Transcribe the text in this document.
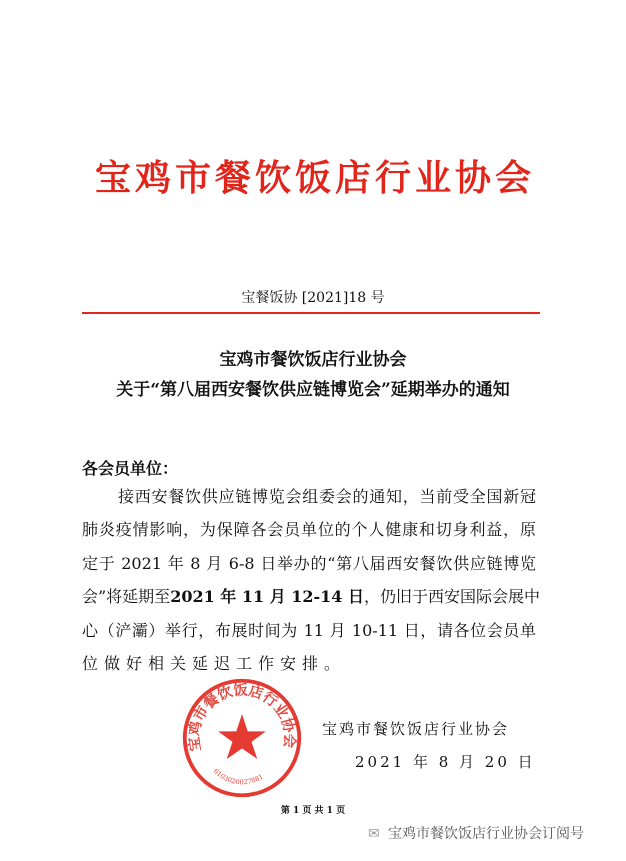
宝鸡市餐饮饭店行业协会
宝餐饭协 [2021]18 号
宝鸡市餐饮饭店行业协会
关于“第八届西安餐饮供应链博览会”延期举办的通知
各会员单位：
接西安餐饮供应链博览会组委会的通知，当前受全国新冠
肺炎疫情影响，为保障各会员单位的个人健康和切身利益，原
定于 2021 年 8 月 6-8 日举办的“第八届西安餐饮供应链博览
会”将延期至2021 年 11 月 12-14 日，仍旧于西安国际会展中
心（浐灞）举行，布展时间为 11 月 10-11 日，请各位会员单
位做好相关延迟工作安排。
宝鸡市餐饮饭店行业协会
2021 年 8 月 20 日
宝鸡市餐饮饭店行业协会
6103020027881
第 1 页 共 1 页
✉ 宝鸡市餐饮饭店行业协会订阅号
